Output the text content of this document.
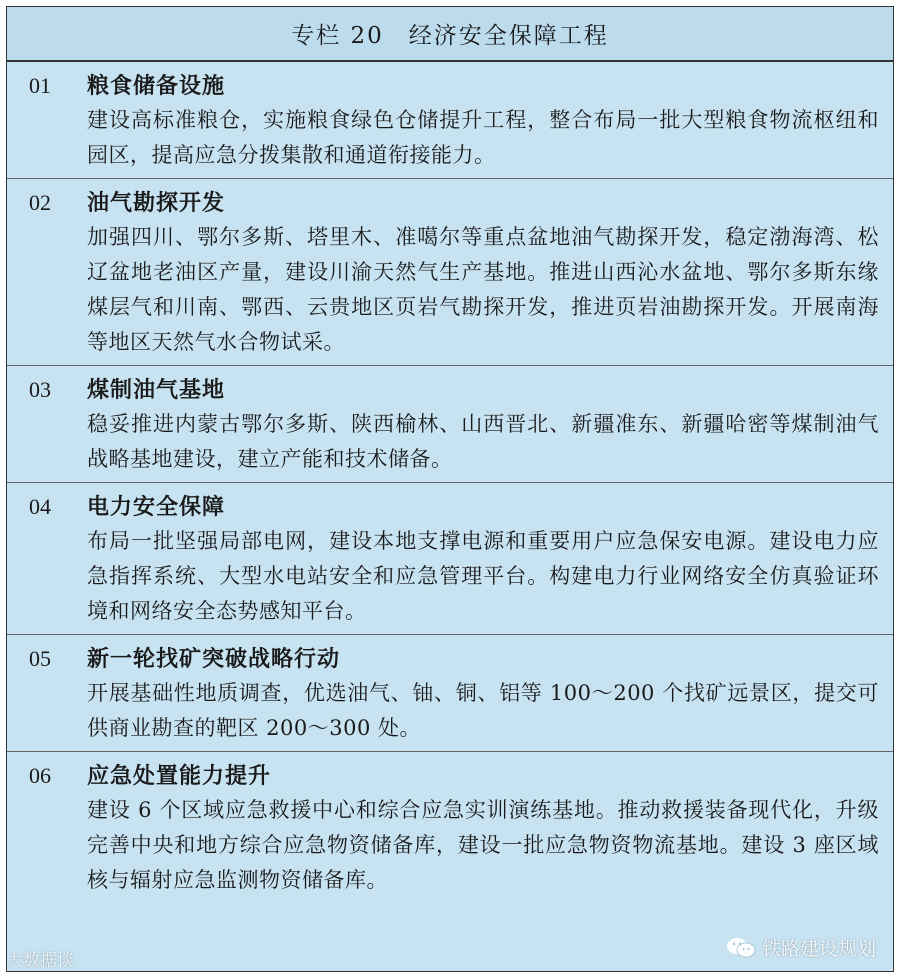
专栏 20　经济安全保障工程
01	粮食储备设施
建设高标准粮仓，实施粮食绿色仓储提升工程，整合布局一批大型粮食物流枢纽和园区，提高应急分拨集散和通道衔接能力。
02	油气勘探开发
加强四川、鄂尔多斯、塔里木、准噶尔等重点盆地油气勘探开发，稳定渤海湾、松辽盆地老油区产量，建设川渝天然气生产基地。推进山西沁水盆地、鄂尔多斯东缘煤层气和川南、鄂西、云贵地区页岩气勘探开发，推进页岩油勘探开发。开展南海等地区天然气水合物试采。
03	煤制油气基地
稳妥推进内蒙古鄂尔多斯、陕西榆林、山西晋北、新疆准东、新疆哈密等煤制油气战略基地建设，建立产能和技术储备。
04	电力安全保障
布局一批坚强局部电网，建设本地支撑电源和重要用户应急保安电源。建设电力应急指挥系统、大型水电站安全和应急管理平台。构建电力行业网络安全仿真验证环境和网络安全态势感知平台。
05	新一轮找矿突破战略行动
开展基础性地质调查，优选油气、铀、铜、铝等 100～200 个找矿远景区，提交可供商业勘查的靶区 200～300 处。
06	应急处置能力提升
建设 6 个区域应急救援中心和综合应急实训演练基地。推动救援装备现代化，升级完善中央和地方综合应急物资储备库，建设一批应急物资物流基地。建设 3 座区域核与辐射应急监测物资储备库。
大数据谈
铁路建设规划
